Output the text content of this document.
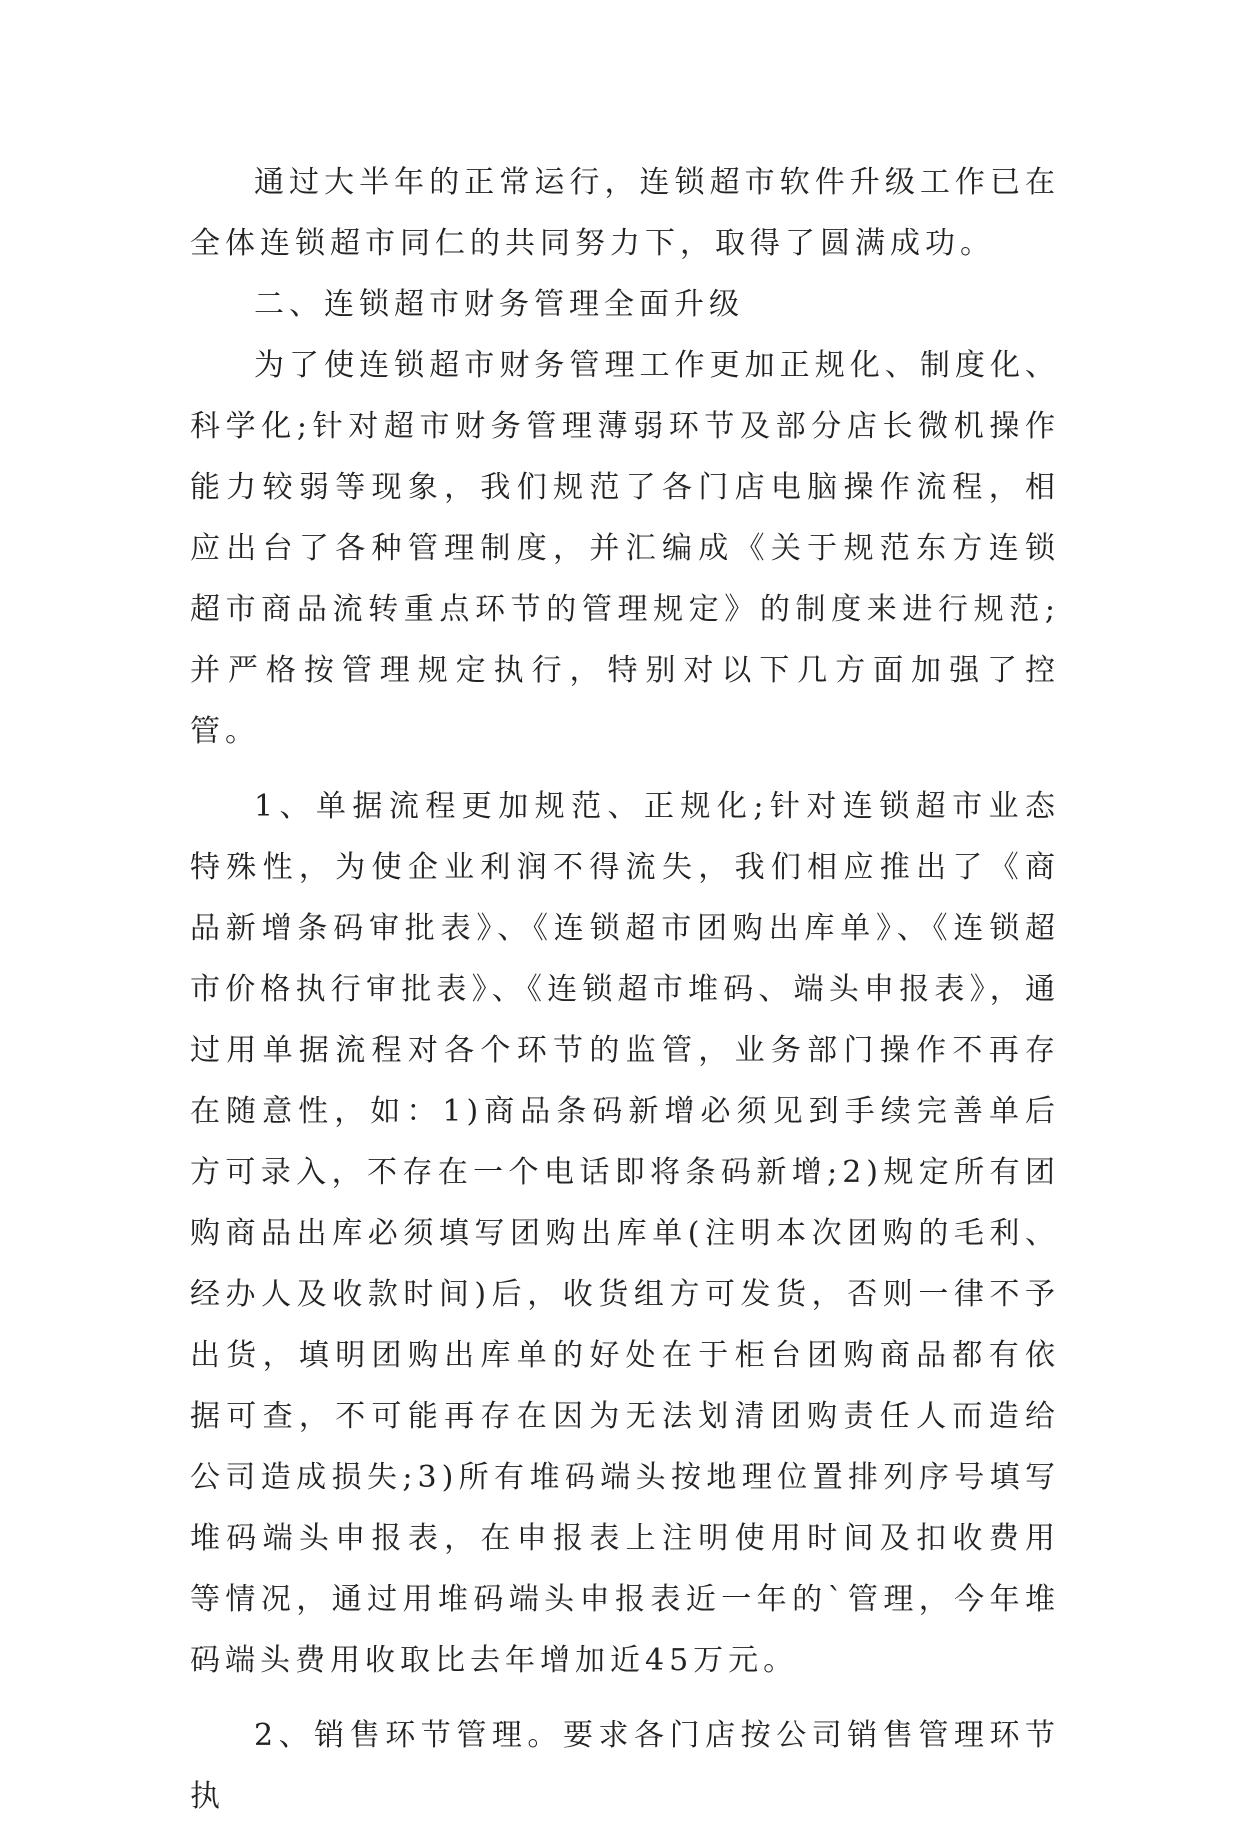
通过大半年的正常运行，连锁超市软件升级工作已在全体连锁超市同仁的共同努力下，取得了圆满成功。

二、连锁超市财务管理全面升级

为了使连锁超市财务管理工作更加正规化、制度化、科学化;针对超市财务管理薄弱环节及部分店长微机操作能力较弱等现象，我们规范了各门店电脑操作流程，相应出台了各种管理制度，并汇编成《关于规范东方连锁超市商品流转重点环节的管理规定》的制度来进行规范;并严格按管理规定执行，特别对以下几方面加强了控管。

1、单据流程更加规范、正规化;针对连锁超市业态特殊性，为使企业利润不得流失，我们相应推出了《商品新增条码审批表》、《连锁超市团购出库单》、《连锁超市价格执行审批表》、《连锁超市堆码、端头申报表》，通过用单据流程对各个环节的监管，业务部门操作不再存在随意性，如：1)商品条码新增必须见到手续完善单后方可录入，不存在一个电话即将条码新增;2)规定所有团购商品出库必须填写团购出库单(注明本次团购的毛利、经办人及收款时间)后，收货组方可发货，否则一律不予出货，填明团购出库单的好处在于柜台团购商品都有依据可查，不可能再存在因为无法划清团购责任人而造给公司造成损失;3)所有堆码端头按地理位置排列序号填写堆码端头申报表，在申报表上注明使用时间及扣收费用等情况，通过用堆码端头申报表近一年的`管理，今年堆码端头费用收取比去年增加近45万元。

2、销售环节管理。要求各门店按公司销售管理环节执
